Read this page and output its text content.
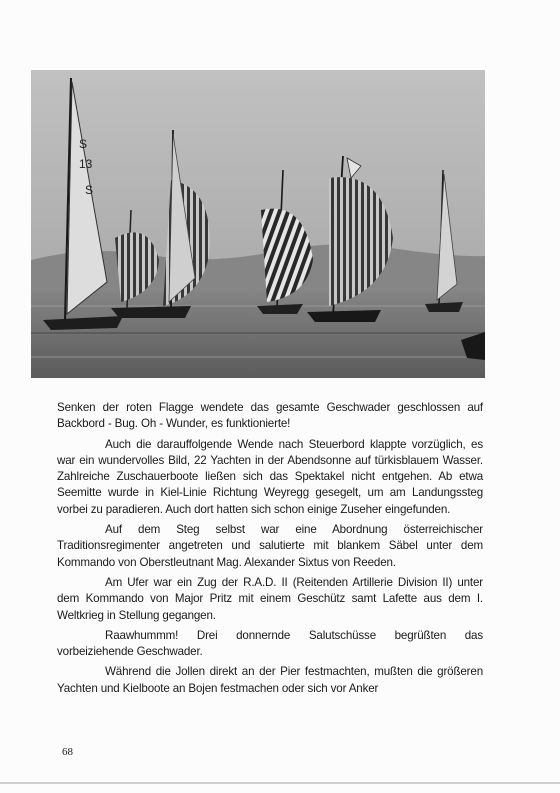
S
13
S

Senken der roten Flagge wendete das gesamte Geschwader geschlossen auf Backbord - Bug. Oh - Wunder, es funktionierte!

Auch die darauffolgende Wende nach Steuerbord klappte vorzüglich, es war ein wundervolles Bild, 22 Yachten in der Abendsonne auf türkisblauem Wasser. Zahlreiche Zuschauerboote ließen sich das Spektakel nicht entgehen. Ab etwa Seemitte wurde in Kiel-Linie Richtung Weyregg gesegelt, um am Landungssteg vorbei zu paradieren. Auch dort hatten sich schon einige Zuseher eingefunden.

Auf dem Steg selbst war eine Abordnung österreichischer Traditionsregimenter angetreten und salutierte mit blankem Säbel unter dem Kommando von Oberstleutnant Mag. Alexander Sixtus von Reeden.

Am Ufer war ein Zug der R.A.D. II (Reitenden Artillerie Division II) unter dem Kommando von Major Pritz mit einem Geschütz samt Lafette aus dem I. Weltkrieg in Stellung gegangen.

Raawhummm! Drei donnernde Salutschüsse begrüßten das vorbeiziehende Geschwader.

Während die Jollen direkt an der Pier festmachten, mußten die größeren Yachten und Kielboote an Bojen festmachen oder sich vor Anker

68
